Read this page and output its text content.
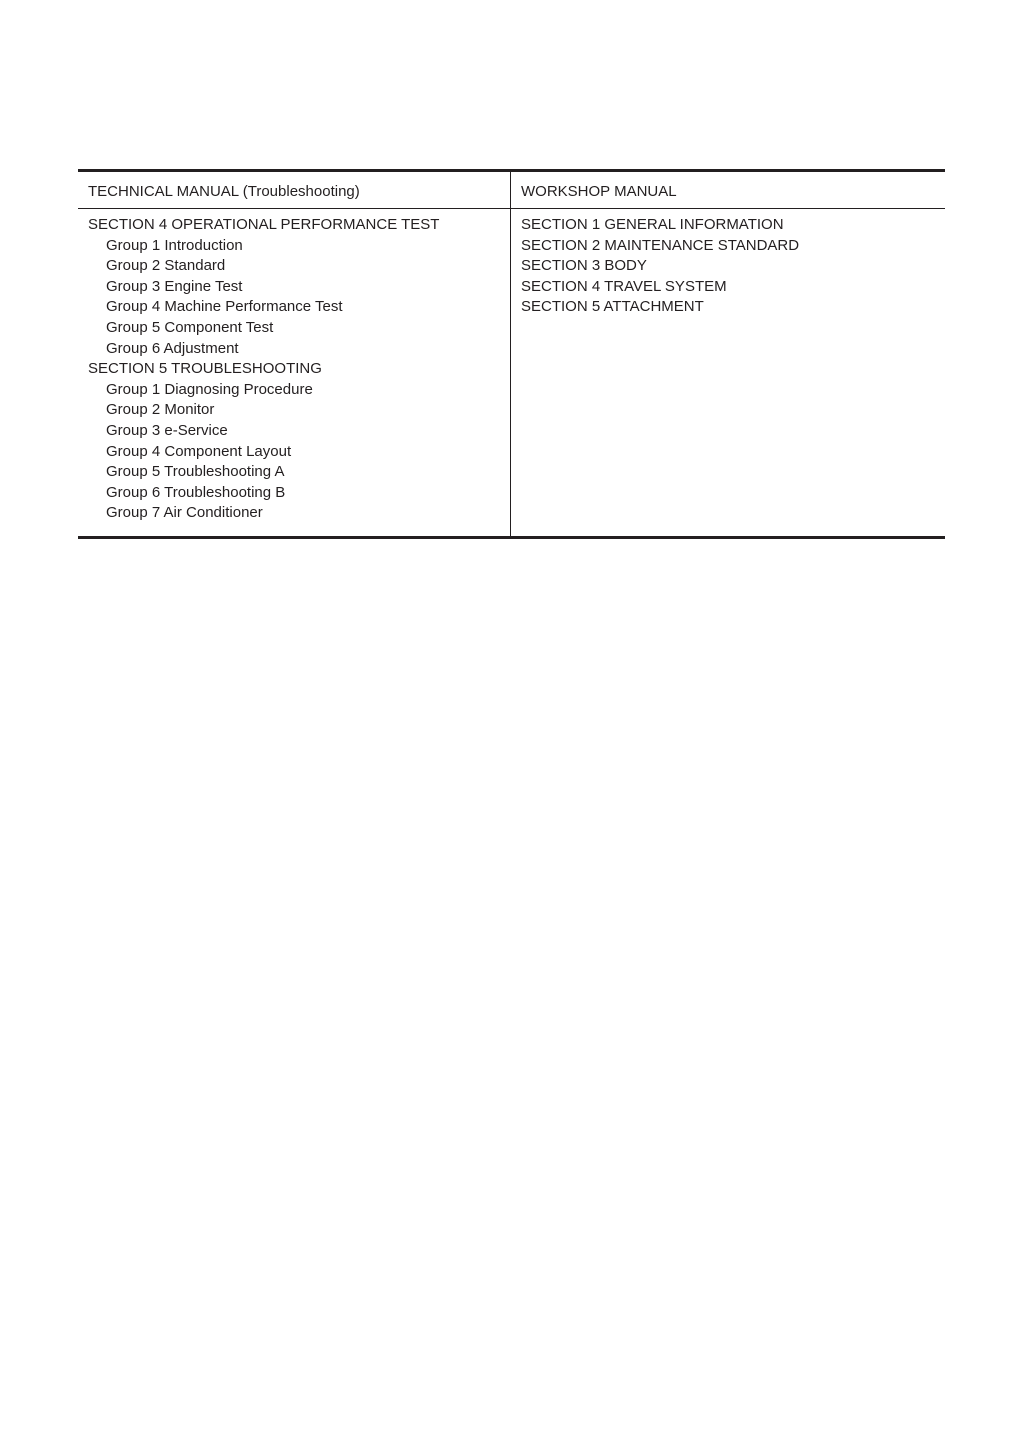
TECHNICAL MANUAL (Troubleshooting)	WORKSHOP MANUAL
SECTION 4 OPERATIONAL PERFORMANCE TEST
Group 1 Introduction
Group 2 Standard
Group 3 Engine Test
Group 4 Machine Performance Test
Group 5 Component Test
Group 6 Adjustment
SECTION 5 TROUBLESHOOTING
Group 1 Diagnosing Procedure
Group 2 Monitor
Group 3 e-Service
Group 4 Component Layout
Group 5 Troubleshooting A
Group 6 Troubleshooting B
Group 7 Air Conditioner
SECTION 1 GENERAL INFORMATION
SECTION 2 MAINTENANCE STANDARD
SECTION 3 BODY
SECTION 4 TRAVEL SYSTEM
SECTION 5 ATTACHMENT
